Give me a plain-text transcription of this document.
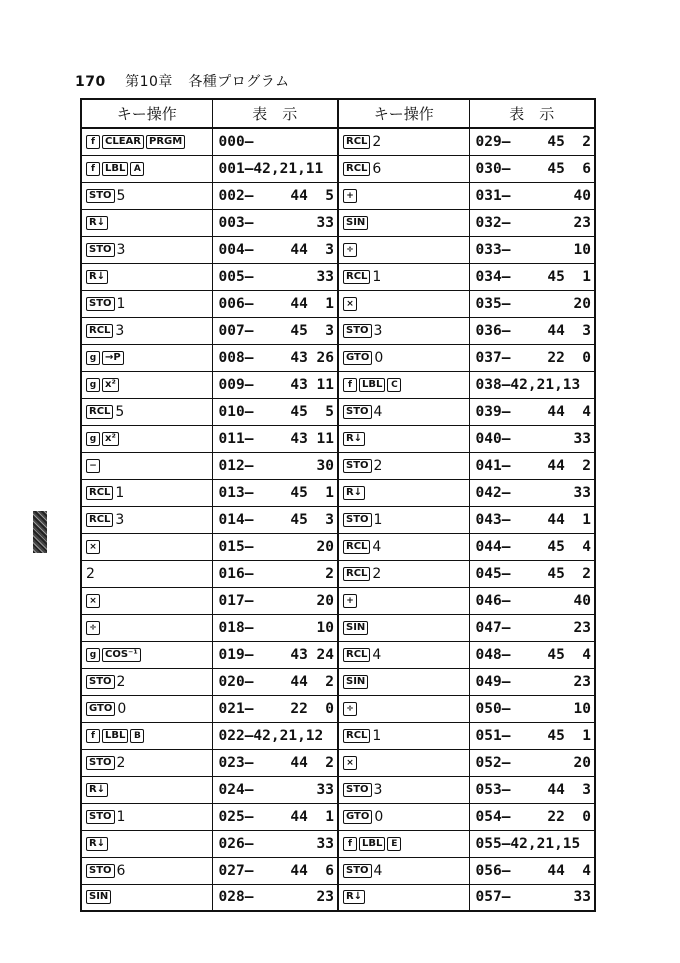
170 第10章 各種プログラム
キー操作	表　示	キー操作	表　示
f CLEAR PRGM	000–	RCL 2	029– 45  2

f LBL A	001–42,21,11	RCL 6	030– 45  6

STO 5	002– 44  5	+	031– 40

R↓	003– 33	SIN	032– 23

STO 3	004– 44  3	÷	033– 10

R↓	005– 33	RCL 1	034– 45  1

STO 1	006– 44  1	×	035– 20

RCL 3	007– 45  3	STO 3	036– 44  3

g →P	008– 43 26	GTO 0	037– 22  0

g x²	009– 43 11	f LBL C	038–42,21,13

RCL 5	010– 45  5	STO 4	039– 44  4

g x²	011– 43 11	R↓	040– 33

−	012– 30	STO 2	041– 44  2

RCL 1	013– 45  1	R↓	042– 33

RCL 3	014– 45  3	STO 1	043– 44  1

×	015– 20	RCL 4	044– 45  4

2	016– 2	RCL 2	045– 45  2

×	017– 20	+	046– 40

÷	018– 10	SIN	047– 23

g COS⁻¹	019– 43 24	RCL 4	048– 45  4

STO 2	020– 44  2	SIN	049– 23

GTO 0	021– 22  0	÷	050– 10

f LBL B	022–42,21,12	RCL 1	051– 45  1

STO 2	023– 44  2	×	052– 20

R↓	024– 33	STO 3	053– 44  3

STO 1	025– 44  1	GTO 0	054– 22  0

R↓	026– 33	f LBL E	055–42,21,15

STO 6	027– 44  6	STO 4	056– 44  4

SIN	028– 23	R↓	057– 33
